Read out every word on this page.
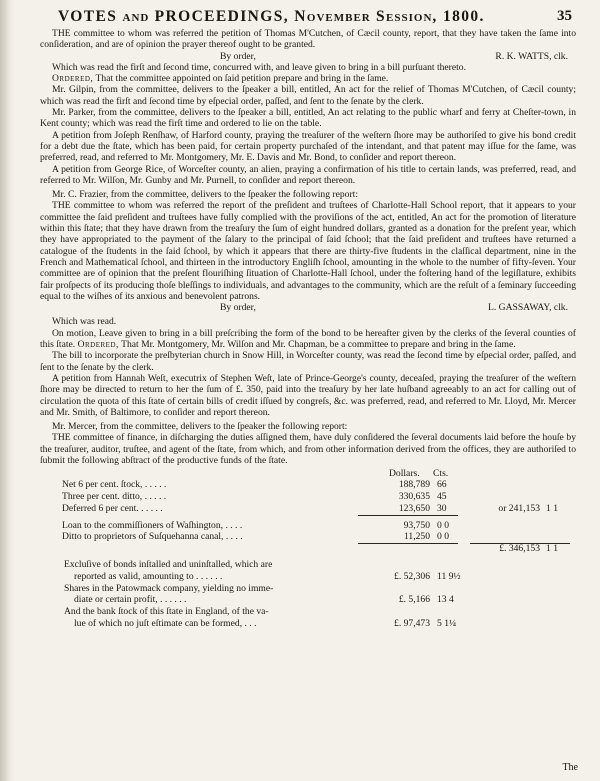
VOTES AND PROCEEDINGS, NOVEMBER SESSION, 1800.	35

THE committee to whom was referred the petition of Thomas M'Cutchen, of Cæcil county, report, that they have taken the ſame into conſideration, and are of opinion the prayer thereof ought to be granted.

By order,	R. K. WATTS, clk.

Which was read the firſt and ſecond time, concurred with, and leave given to bring in a bill purſuant thereto.

Ordered, That the committee appointed on ſaid petition prepare and bring in the ſame.

Mr. Gilpin, from the committee, delivers to the ſpeaker a bill, entitled, An act for the relief of Thomas M'Cutchen, of Cæcil county; which was read the firſt and ſecond time by eſpecial order, paſſed, and ſent to the ſenate by the clerk.

Mr. Parker, from the committee, delivers to the ſpeaker a bill, entitled, An act relating to the public wharf and ferry at Cheſter-town, in Kent county; which was read the firſt time and ordered to lie on the table.

A petition from Joſeph Renſhaw, of Harford county, praying the treaſurer of the weſtern ſhore may be authoriſed to give his bond credit for a debt due the ſtate, which has been paid, for certain property purchaſed of the intendant, and that patent may iſſue for the ſame, was preferred, read, and referred to Mr. Montgomery, Mr. E. Davis and Mr. Bond, to conſider and report thereon.

A petition from George Rice, of Worceſter county, an alien, praying a confirmation of his title to certain lands, was preferred, read, and referred to Mr. Wilſon, Mr. Gunby and Mr. Purnell, to conſider and report thereon.

Mr. C. Frazier, from the committee, delivers to the ſpeaker the following report:

THE committee to whom was referred the report of the preſident and truſtees of Charlotte-Hall School report, that it appears to your committee the ſaid preſident and truſtees have fully complied with the proviſions of the act, entitled, An act for the promotion of literature within this ſtate; that they have drawn from the treaſury the ſum of eight hundred dollars, granted as a donation for the preſent year, which they have appropriated to the payment of the ſalary to the principal of ſaid ſchool; that the ſaid preſident and truſtees have returned a catalogue of the ſtudents in the ſaid ſchool, by which it appears that there are thirty-five ſtudents in the claſſical department, nine in the French and Mathematical ſchool, and thirteen in the introductory Engliſh ſchool, amounting in the whole to the number of fifty-ſeven. Your committee are of opinion that the preſent flouriſhing ſituation of Charlotte-Hall ſchool, under the foſtering hand of the legiſlature, exhibits fair proſpects of its producing thoſe bleſſings to individuals, and advantages to the community, which are the reſult of a ſeminary ſucceeding equal to the wiſhes of its anxious and benevolent patrons.

By order,	L. GASSAWAY, clk.

Which was read.

On motion, Leave given to bring in a bill preſcribing the form of the bond to be hereafter given by the clerks of the ſeveral counties of this ſtate. Ordered, That Mr. Montgomery, Mr. Wilſon and Mr. Chapman, be a committee to prepare and bring in the ſame.

The bill to incorporate the preſbyterian church in Snow Hill, in Worceſter county, was read the ſecond time by eſpecial order, paſſed, and ſent to the ſenate by the clerk.

A petition from Hannah Weſt, executrix of Stephen Weſt, late of Prince-George's county, deceaſed, praying the treaſurer of the weſtern ſhore may be directed to return to her the ſum of £. 350, paid into the treaſury by her late huſband agreeably to an act for calling out of circulation the quota of this ſtate of certain bills of credit iſſued by congreſs, &c. was preferred, read, and referred to Mr. Lloyd, Mr. Mercer and Mr. Smith, of Baltimore, to conſider and report thereon.

Mr. Mercer, from the committee, delivers to the ſpeaker the following report:

THE committee of finance, in diſcharging the duties aſſigned them, have duly conſidered the ſeveral documents laid before the houſe by the treaſurer, auditor, truſtee, and agent of the ſtate, from which, and from other information derived from the offices, they are authoriſed to ſubmit the following abſtract of the productive funds of the ſtate.

Dollars. Cts.
Net 6 per cent. ſtock, . . . . .	188,789 66
Three per cent. ditto, . . . . .	330,635 45
Deferred 6 per cent. . . . . .	123,650 30	or 241,153 1 1
Loan to the commiſſioners of Waſhington, . . . .	93,750 0 0
Ditto to proprietors of Suſquehanna canal, . . . .	11,250 0 0
£. 346,153 1 1
Excluſive of bonds inſtalled and uninſtalled, which are
reported as valid, amounting to . . . . . .	£. 52,306 11 9½
Shares in the Patowmack company, yielding no imme-
diate or certain profit, . . . . . .	£. 5,166 13 4
And the bank ſtock of this ſtate in England, of the va-
lue of which no juſt eſtimate can be formed, . . .	£. 97,473 5 1¼
The
